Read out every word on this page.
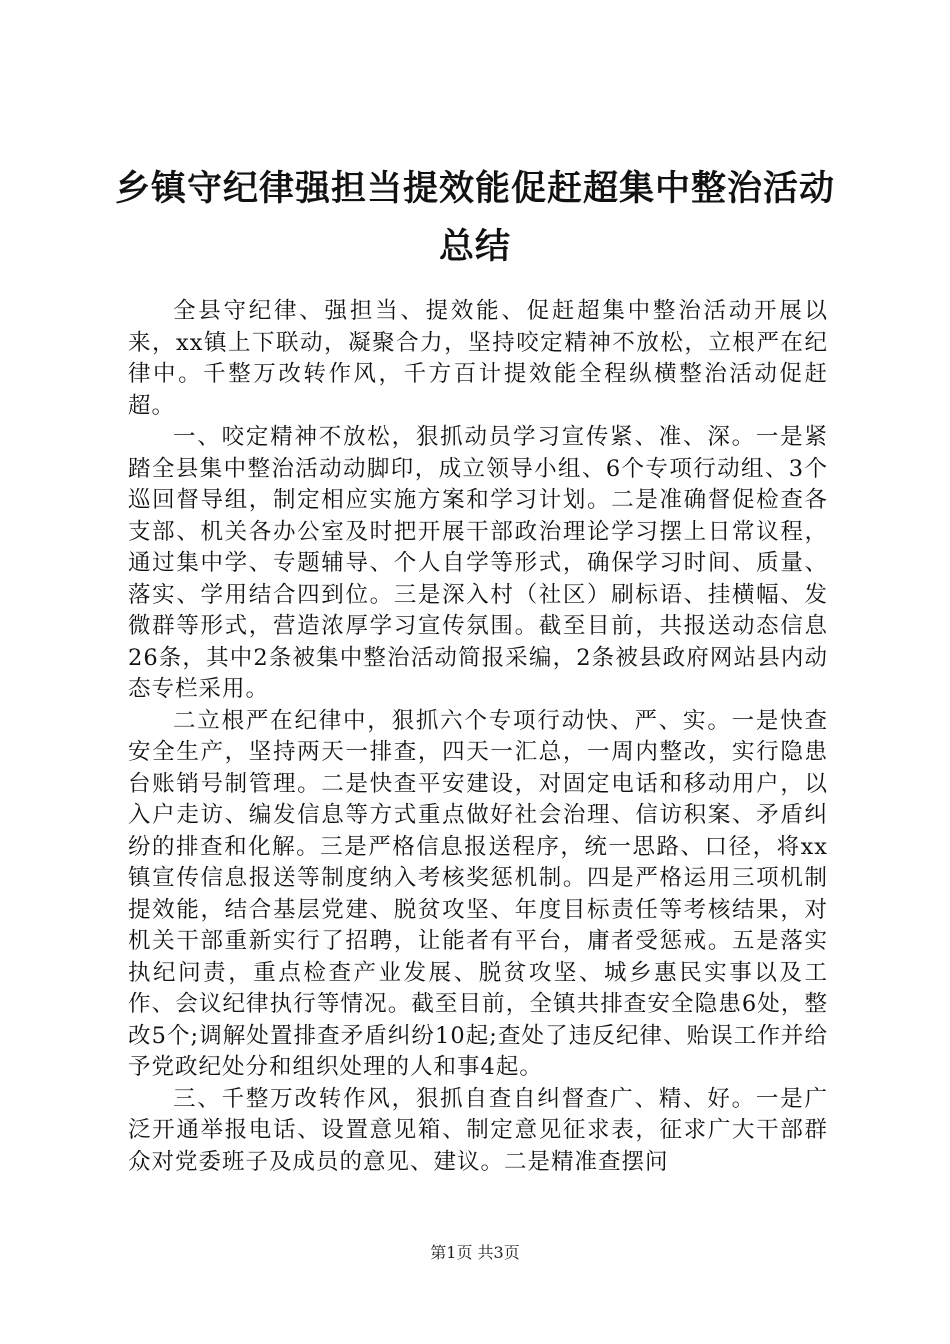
乡镇守纪律强担当提效能促赶超集中整治活动
总结

全县守纪律、强担当、提效能、促赶超集中整治活动开展以来，xx镇上下联动，凝聚合力，坚持咬定精神不放松，立根严在纪律中。千整万改转作风，千方百计提效能全程纵横整治活动促赶超。

一、咬定精神不放松，狠抓动员学习宣传紧、准、深。一是紧踏全县集中整治活动动脚印，成立领导小组、6个专项行动组、3个巡回督导组，制定相应实施方案和学习计划。二是准确督促检查各支部、机关各办公室及时把开展干部政治理论学习摆上日常议程，通过集中学、专题辅导、个人自学等形式，确保学习时间、质量、落实、学用结合四到位。三是深入村（社区）刷标语、挂横幅、发微群等形式，营造浓厚学习宣传氛围。截至目前，共报送动态信息26条，其中2条被集中整治活动简报采编，2条被县政府网站县内动态专栏采用。

二立根严在纪律中，狠抓六个专项行动快、严、实。一是快查安全生产，坚持两天一排查，四天一汇总，一周内整改，实行隐患台账销号制管理。二是快查平安建设，对固定电话和移动用户，以入户走访、编发信息等方式重点做好社会治理、信访积案、矛盾纠纷的排查和化解。三是严格信息报送程序，统一思路、口径，将xx镇宣传信息报送等制度纳入考核奖惩机制。四是严格运用三项机制提效能，结合基层党建、脱贫攻坚、年度目标责任等考核结果，对机关干部重新实行了招聘，让能者有平台，庸者受惩戒。五是落实执纪问责，重点检查产业发展、脱贫攻坚、城乡惠民实事以及工作、会议纪律执行等情况。截至目前，全镇共排查安全隐患6处，整改5个;调解处置排查矛盾纠纷10起;查处了违反纪律、贻误工作并给予党政纪处分和组织处理的人和事4起。

三、千整万改转作风，狠抓自查自纠督查广、精、好。一是广泛开通举报电话、设置意见箱、制定意见征求表，征求广大干部群众对党委班子及成员的意见、建议。二是精准查摆问

第1页 共3页
